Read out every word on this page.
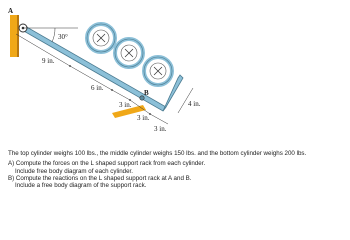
A
30°
B
9 in.
6 in.
3 in.
3 in.
3 in.
4 in.

The top cylinder weighs 100 lbs., the middle cylinder weighs 150 lbs. and the bottom cylinder weighs 200 lbs.

A) Compute the forces on the L shaped support rack from each cylinder.

Include free body diagram of each cylinder.

B) Compute the reactions on the L shaped support rack at A and B.

Include a free body diagram of the support rack.
